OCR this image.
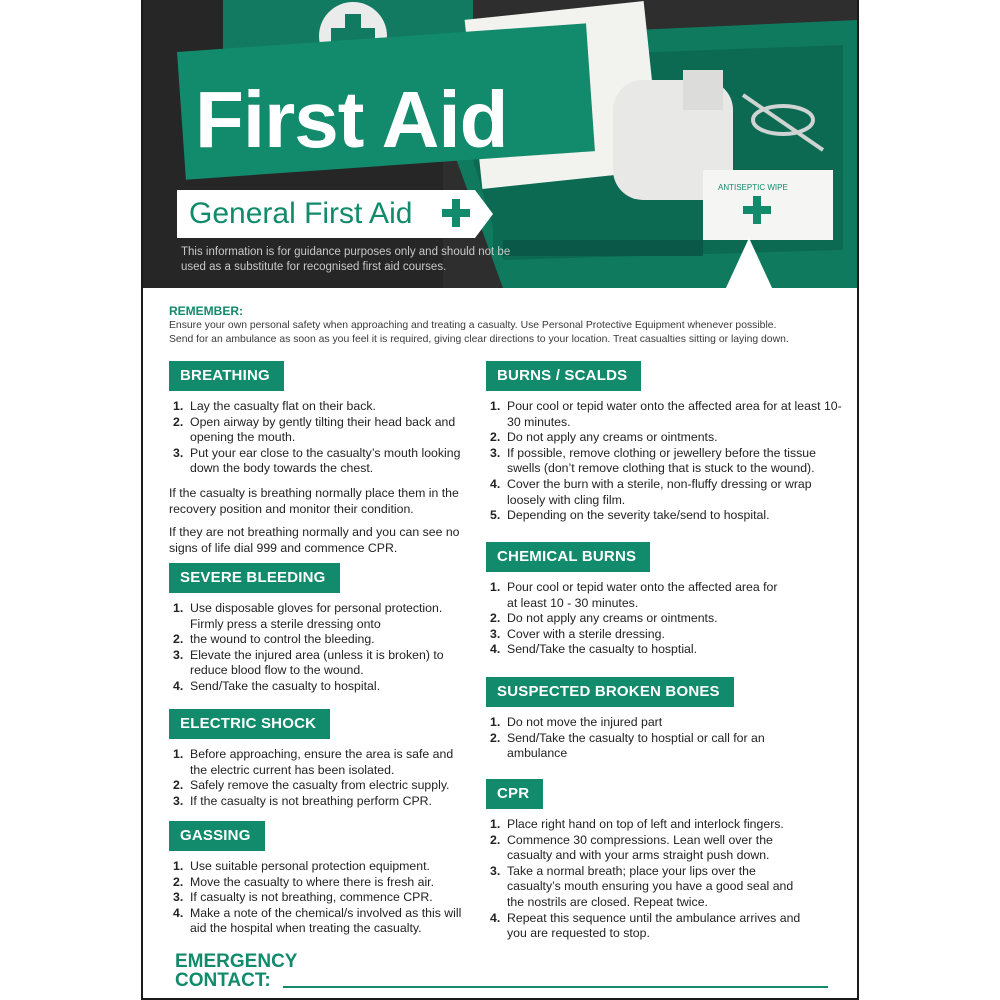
ANTISEPTIC WIPE
First Aid
General First Aid
This information is for guidance purposes only and should not be used as a substitute for recognised first aid courses.
REMEMBER:
Ensure your own personal safety when approaching and treating a casualty. Use Personal Protective Equipment whenever possible.
Send for an ambulance as soon as you feel it is required, giving clear directions to your location. Treat casualties sitting or laying down.
BREATHING
1. Lay the casualty flat on their back.
2. Open airway by gently tilting their head back and opening the mouth.
3. Put your ear close to the casualty’s mouth looking down the body towards the chest.
If the casualty is breathing normally place them in the recovery position and monitor their condition.
If they are not breathing normally and you can see no signs of life dial 999 and commence CPR.
SEVERE BLEEDING
1. Use disposable gloves for personal protection. Firmly press a sterile dressing onto
2. the wound to control the bleeding.
3. Elevate the injured area (unless it is broken) to reduce blood flow to the wound.
4. Send/Take the casualty to hospital.
ELECTRIC SHOCK
1. Before approaching, ensure the area is safe and the electric current has been isolated.
2. Safely remove the casualty from electric supply.
3. If the casualty is not breathing perform CPR.
GASSING
1. Use suitable personal protection equipment.
2. Move the casualty to where there is fresh air.
3. If casualty is not breathing, commence CPR.
4. Make a note of the chemical/s involved as this will aid the hospital when treating the casualty.
BURNS / SCALDS
1. Pour cool or tepid water onto the affected area for at least 10-30 minutes.
2. Do not apply any creams or ointments.
3. If possible, remove clothing or jewellery before the tissue swells (don’t remove clothing that is stuck to the wound).
4. Cover the burn with a sterile, non-fluffy dressing or wrap loosely with cling film.
5. Depending on the severity take/send to hospital.
CHEMICAL BURNS
1. Pour cool or tepid water onto the affected area for at least 10 - 30 minutes.
2. Do not apply any creams or ointments.
3. Cover with a sterile dressing.
4. Send/Take the casualty to hosptial.
SUSPECTED BROKEN BONES
1. Do not move the injured part
2. Send/Take the casualty to hosptial or call for an ambulance
CPR
1. Place right hand on top of left and interlock fingers.
2. Commence 30 compressions. Lean well over the casualty and with your arms straight push down.
3. Take a normal breath; place your lips over the casualty’s mouth ensuring you have a good seal and the nostrils are closed. Repeat twice.
4. Repeat this sequence until the ambulance arrives and you are requested to stop.
EMERGENCY
CONTACT:
